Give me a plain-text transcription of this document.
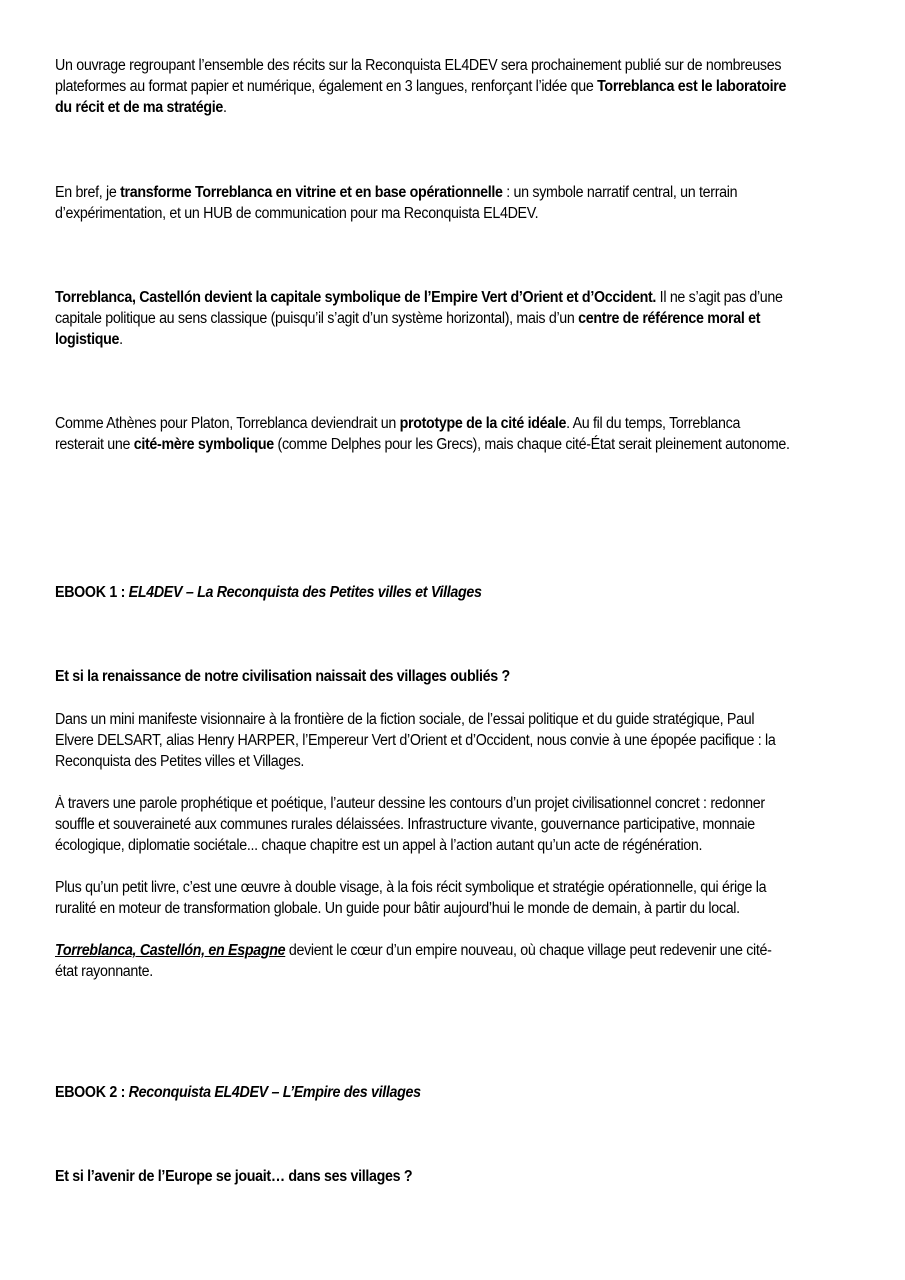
Un ouvrage regroupant l’ensemble des récits sur la Reconquista EL4DEV sera prochainement publié sur de nombreuses plateformes au format papier et numérique, également en 3 langues, renforçant l’idée que Torreblanca est le laboratoire du récit et de ma stratégie.

En bref, je transforme Torreblanca en vitrine et en base opérationnelle : un symbole narratif central, un terrain d’expérimentation, et un HUB de communication pour ma Reconquista EL4DEV.

Torreblanca, Castellón devient la capitale symbolique de l’Empire Vert d’Orient et d’Occident. Il ne s’agit pas d’une capitale politique au sens classique (puisqu’il s’agit d’un système horizontal), mais d’un centre de référence moral et logistique.

Comme Athènes pour Platon, Torreblanca deviendrait un prototype de la cité idéale. Au fil du temps, Torreblanca resterait une cité-mère symbolique (comme Delphes pour les Grecs), mais chaque cité-État serait pleinement autonome.

EBOOK 1 : EL4DEV – La Reconquista des Petites villes et Villages

Et si la renaissance de notre civilisation naissait des villages oubliés ?

Dans un mini manifeste visionnaire à la frontière de la fiction sociale, de l’essai politique et du guide stratégique, Paul Elvere DELSART, alias Henry HARPER, l’Empereur Vert d’Orient et d’Occident, nous convie à une épopée pacifique : la Reconquista des Petites villes et Villages.

À travers une parole prophétique et poétique, l’auteur dessine les contours d’un projet civilisationnel concret : redonner souffle et souveraineté aux communes rurales délaissées. Infrastructure vivante, gouvernance participative, monnaie écologique, diplomatie sociétale... chaque chapitre est un appel à l’action autant qu’un acte de régénération.

Plus qu’un petit livre, c’est une œuvre à double visage, à la fois récit symbolique et stratégie opérationnelle, qui érige la ruralité en moteur de transformation globale. Un guide pour bâtir aujourd’hui le monde de demain, à partir du local.

Torreblanca, Castellón, en Espagne devient le cœur d’un empire nouveau, où chaque village peut redevenir une cité-état rayonnante.

EBOOK 2 : Reconquista EL4DEV – L’Empire des villages

Et si l’avenir de l’Europe se jouait… dans ses villages ?
